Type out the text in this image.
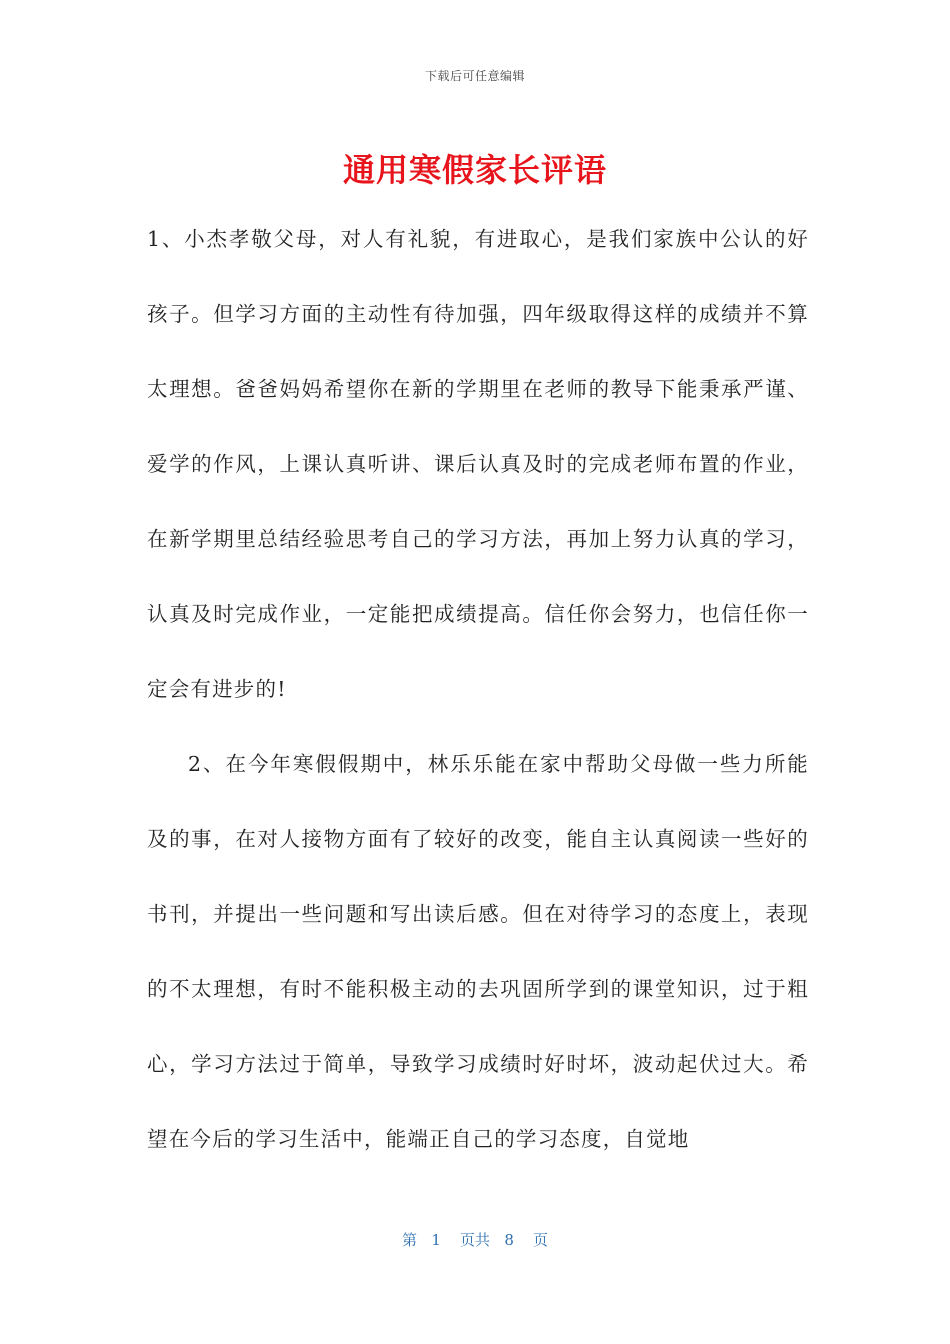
下载后可任意编辑
通用寒假家长评语

1、小杰孝敬父母，对人有礼貌，有进取心，是我们家族中公认的好孩子。但学习方面的主动性有待加强，四年级取得这样的成绩并不算太理想。爸爸妈妈希望你在新的学期里在老师的教导下能秉承严谨、爱学的作风，上课认真听讲、课后认真及时的完成老师布置的作业，在新学期里总结经验思考自己的学习方法，再加上努力认真的学习，认真及时完成作业，一定能把成绩提高。信任你会努力，也信任你一定会有进步的!

2、在今年寒假假期中，林乐乐能在家中帮助父母做一些力所能及的事，在对人接物方面有了较好的改变，能自主认真阅读一些好的书刊，并提出一些问题和写出读后感。但在对待学习的态度上，表现的不太理想，有时不能积极主动的去巩固所学到的课堂知识，过于粗心，学习方法过于简单，导致学习成绩时好时坏，波动起伏过大。希望在今后的学习生活中，能端正自己的学习态度，自觉地

第 1 页共 8 页
